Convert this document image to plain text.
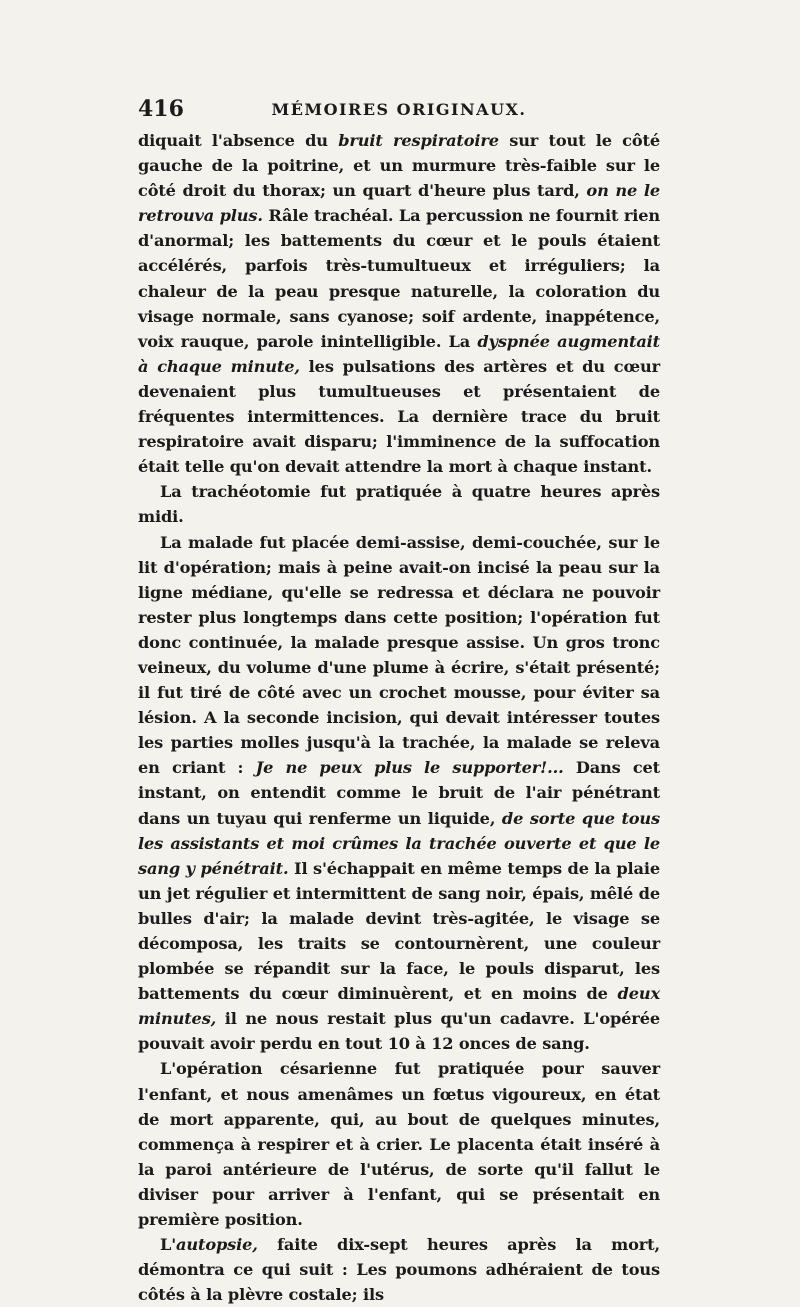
416	MÉMOIRES ORIGINAUX.

diquait l'absence du bruit respiratoire sur tout le côté gauche de la poitrine, et un murmure très-faible sur le côté droit du thorax; un quart d'heure plus tard, on ne le retrouva plus. Râle trachéal. La percussion ne fournit rien d'anormal; les battements du cœur et le pouls étaient accélérés, parfois très-tumultueux et irréguliers; la chaleur de la peau presque naturelle, la coloration du visage normale, sans cyanose; soif ardente, inappétence, voix rauque, parole inintelligible. La dyspnée augmentait à chaque minute, les pulsations des artères et du cœur devenaient plus tumultueuses et présentaient de fréquentes intermittences. La dernière trace du bruit respiratoire avait disparu; l'imminence de la suffocation était telle qu'on devait attendre la mort à chaque instant.

La trachéotomie fut pratiquée à quatre heures après midi.

La malade fut placée demi-assise, demi-couchée, sur le lit d'opération; mais à peine avait-on incisé la peau sur la ligne médiane, qu'elle se redressa et déclara ne pouvoir rester plus longtemps dans cette position; l'opération fut donc continuée, la malade presque assise. Un gros tronc veineux, du volume d'une plume à écrire, s'était présenté; il fut tiré de côté avec un crochet mousse, pour éviter sa lésion. A la seconde incision, qui devait intéresser toutes les parties molles jusqu'à la trachée, la malade se releva en criant : Je ne peux plus le supporter!... Dans cet instant, on entendit comme le bruit de l'air pénétrant dans un tuyau qui renferme un liquide, de sorte que tous les assistants et moi crûmes la trachée ouverte et que le sang y pénétrait. Il s'échappait en même temps de la plaie un jet régulier et intermittent de sang noir, épais, mêlé de bulles d'air; la malade devint très-agitée, le visage se décomposa, les traits se contournèrent, une couleur plombée se répandit sur la face, le pouls disparut, les battements du cœur diminuèrent, et en moins de deux minutes, il ne nous restait plus qu'un cadavre. L'opérée pouvait avoir perdu en tout 10 à 12 onces de sang.

L'opération césarienne fut pratiquée pour sauver l'enfant, et nous amenâmes un fœtus vigoureux, en état de mort apparente, qui, au bout de quelques minutes, commença à respirer et à crier. Le placenta était inséré à la paroi antérieure de l'utérus, de sorte qu'il fallut le diviser pour arriver à l'enfant, qui se présentait en première position.

L'autopsie, faite dix-sept heures après la mort, démontra ce qui suit : Les poumons adhéraient de tous côtés à la plèvre costale; ils
